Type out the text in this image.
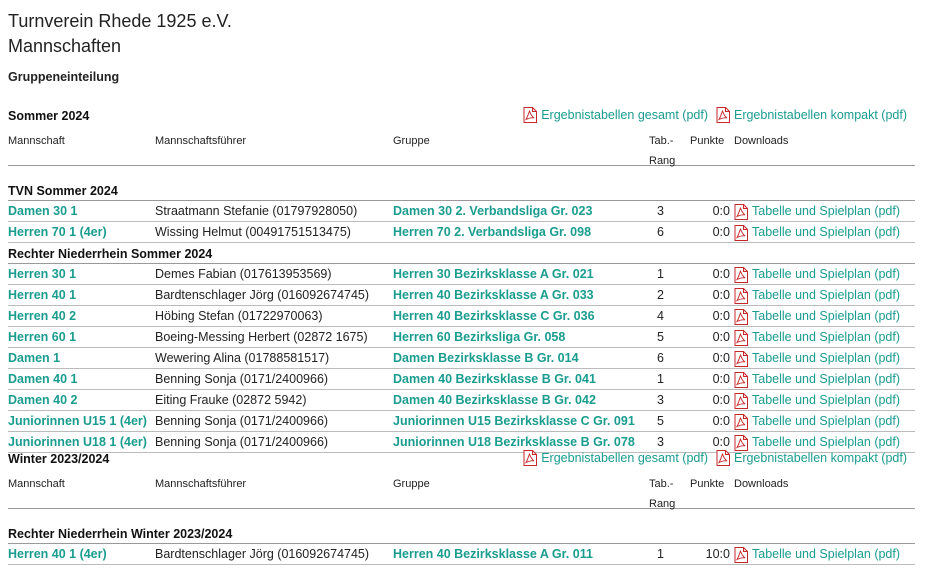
Turnverein Rhede 1925 e.V.
Mannschaften
Gruppeneinteilung
Sommer 2024	Ergebnistabellen gesamt (pdf) Ergebnistabellen kompakt (pdf)
Mannschaft	Mannschaftsführer	Gruppe	Punkte Downloads
Tab.-
Rang
TVN Sommer 2024
Damen 30 1	Straatmann Stefanie (01797928050)	Damen 30 2. Verbandsliga Gr. 023	3	0:0 Tabelle und Spielplan (pdf)
Herren 70 1 (4er)	Wissing Helmut (00491751513475)	Herren 70 2. Verbandsliga Gr. 098	6	0:0 Tabelle und Spielplan (pdf)
Rechter Niederrhein Sommer 2024
Herren 30 1	Demes Fabian (017613953569)	Herren 30 Bezirksklasse A Gr. 021	1	0:0 Tabelle und Spielplan (pdf)
Herren 40 1	Bardtenschlager Jörg (016092674745) Herren 40 Bezirksklasse A Gr. 033	2	0:0 Tabelle und Spielplan (pdf)
Herren 40 2	Höbing Stefan (01722970063)	Herren 40 Bezirksklasse C Gr. 036	4	0:0 Tabelle und Spielplan (pdf)
Herren 60 1	Boeing-Messing Herbert (02872 1675) Herren 60 Bezirksliga Gr. 058	5	0:0 Tabelle und Spielplan (pdf)
Damen 1	Wewering Alina (01788581517)	Damen Bezirksklasse B Gr. 014	6	0:0 Tabelle und Spielplan (pdf)
Damen 40 1	Benning Sonja (0171/2400966)	Damen 40 Bezirksklasse B Gr. 041	1	0:0 Tabelle und Spielplan (pdf)
Damen 40 2	Eiting Frauke (02872 5942)	Damen 40 Bezirksklasse B Gr. 042	3	0:0 Tabelle und Spielplan (pdf)
Juniorinnen U15 1 (4er) Benning Sonja (0171/2400966)	Juniorinnen U15 Bezirksklasse C Gr. 091	5	0:0 Tabelle und Spielplan (pdf)
Juniorinnen U18 1 (4er) Benning Sonja (0171/2400966)	Juniorinnen U18 Bezirksklasse B Gr. 078	3	0:0 Tabelle und Spielplan (pdf)
Winter 2023/2024	Ergebnistabellen gesamt (pdf) Ergebnistabellen kompakt (pdf)
Mannschaft	Mannschaftsführer	Gruppe	Punkte Downloads
Tab.-
Rang
Rechter Niederrhein Winter 2023/2024
Herren 40 1 (4er)	Bardtenschlager Jörg (016092674745) Herren 40 Bezirksklasse A Gr. 011	1	10:0 Tabelle und Spielplan (pdf)
